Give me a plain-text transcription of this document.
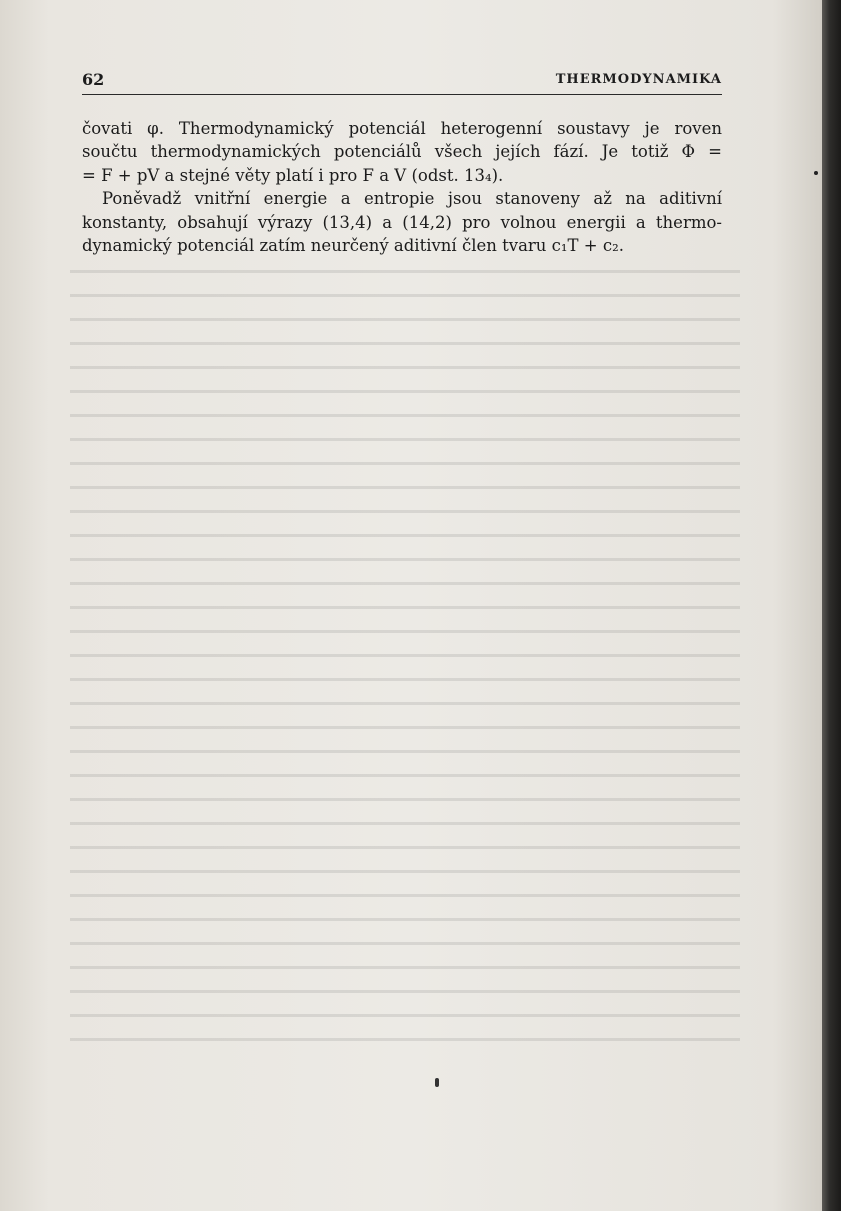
62	THERMODYNAMIKA
čovati φ. Thermodynamický potenciál heterogenní soustavy je roven
součtu thermodynamických potenciálů všech jejích fází. Je totiž Φ =
= F + pV a stejné věty platí i pro F a V (odst. 13₄).
Poněvadž vnitřní energie a entropie jsou stanoveny až na aditivní
konstanty, obsahují výrazy (13,4) a (14,2) pro volnou energii a thermo-
dynamický potenciál zatím neurčený aditivní člen tvaru c₁T + c₂.
